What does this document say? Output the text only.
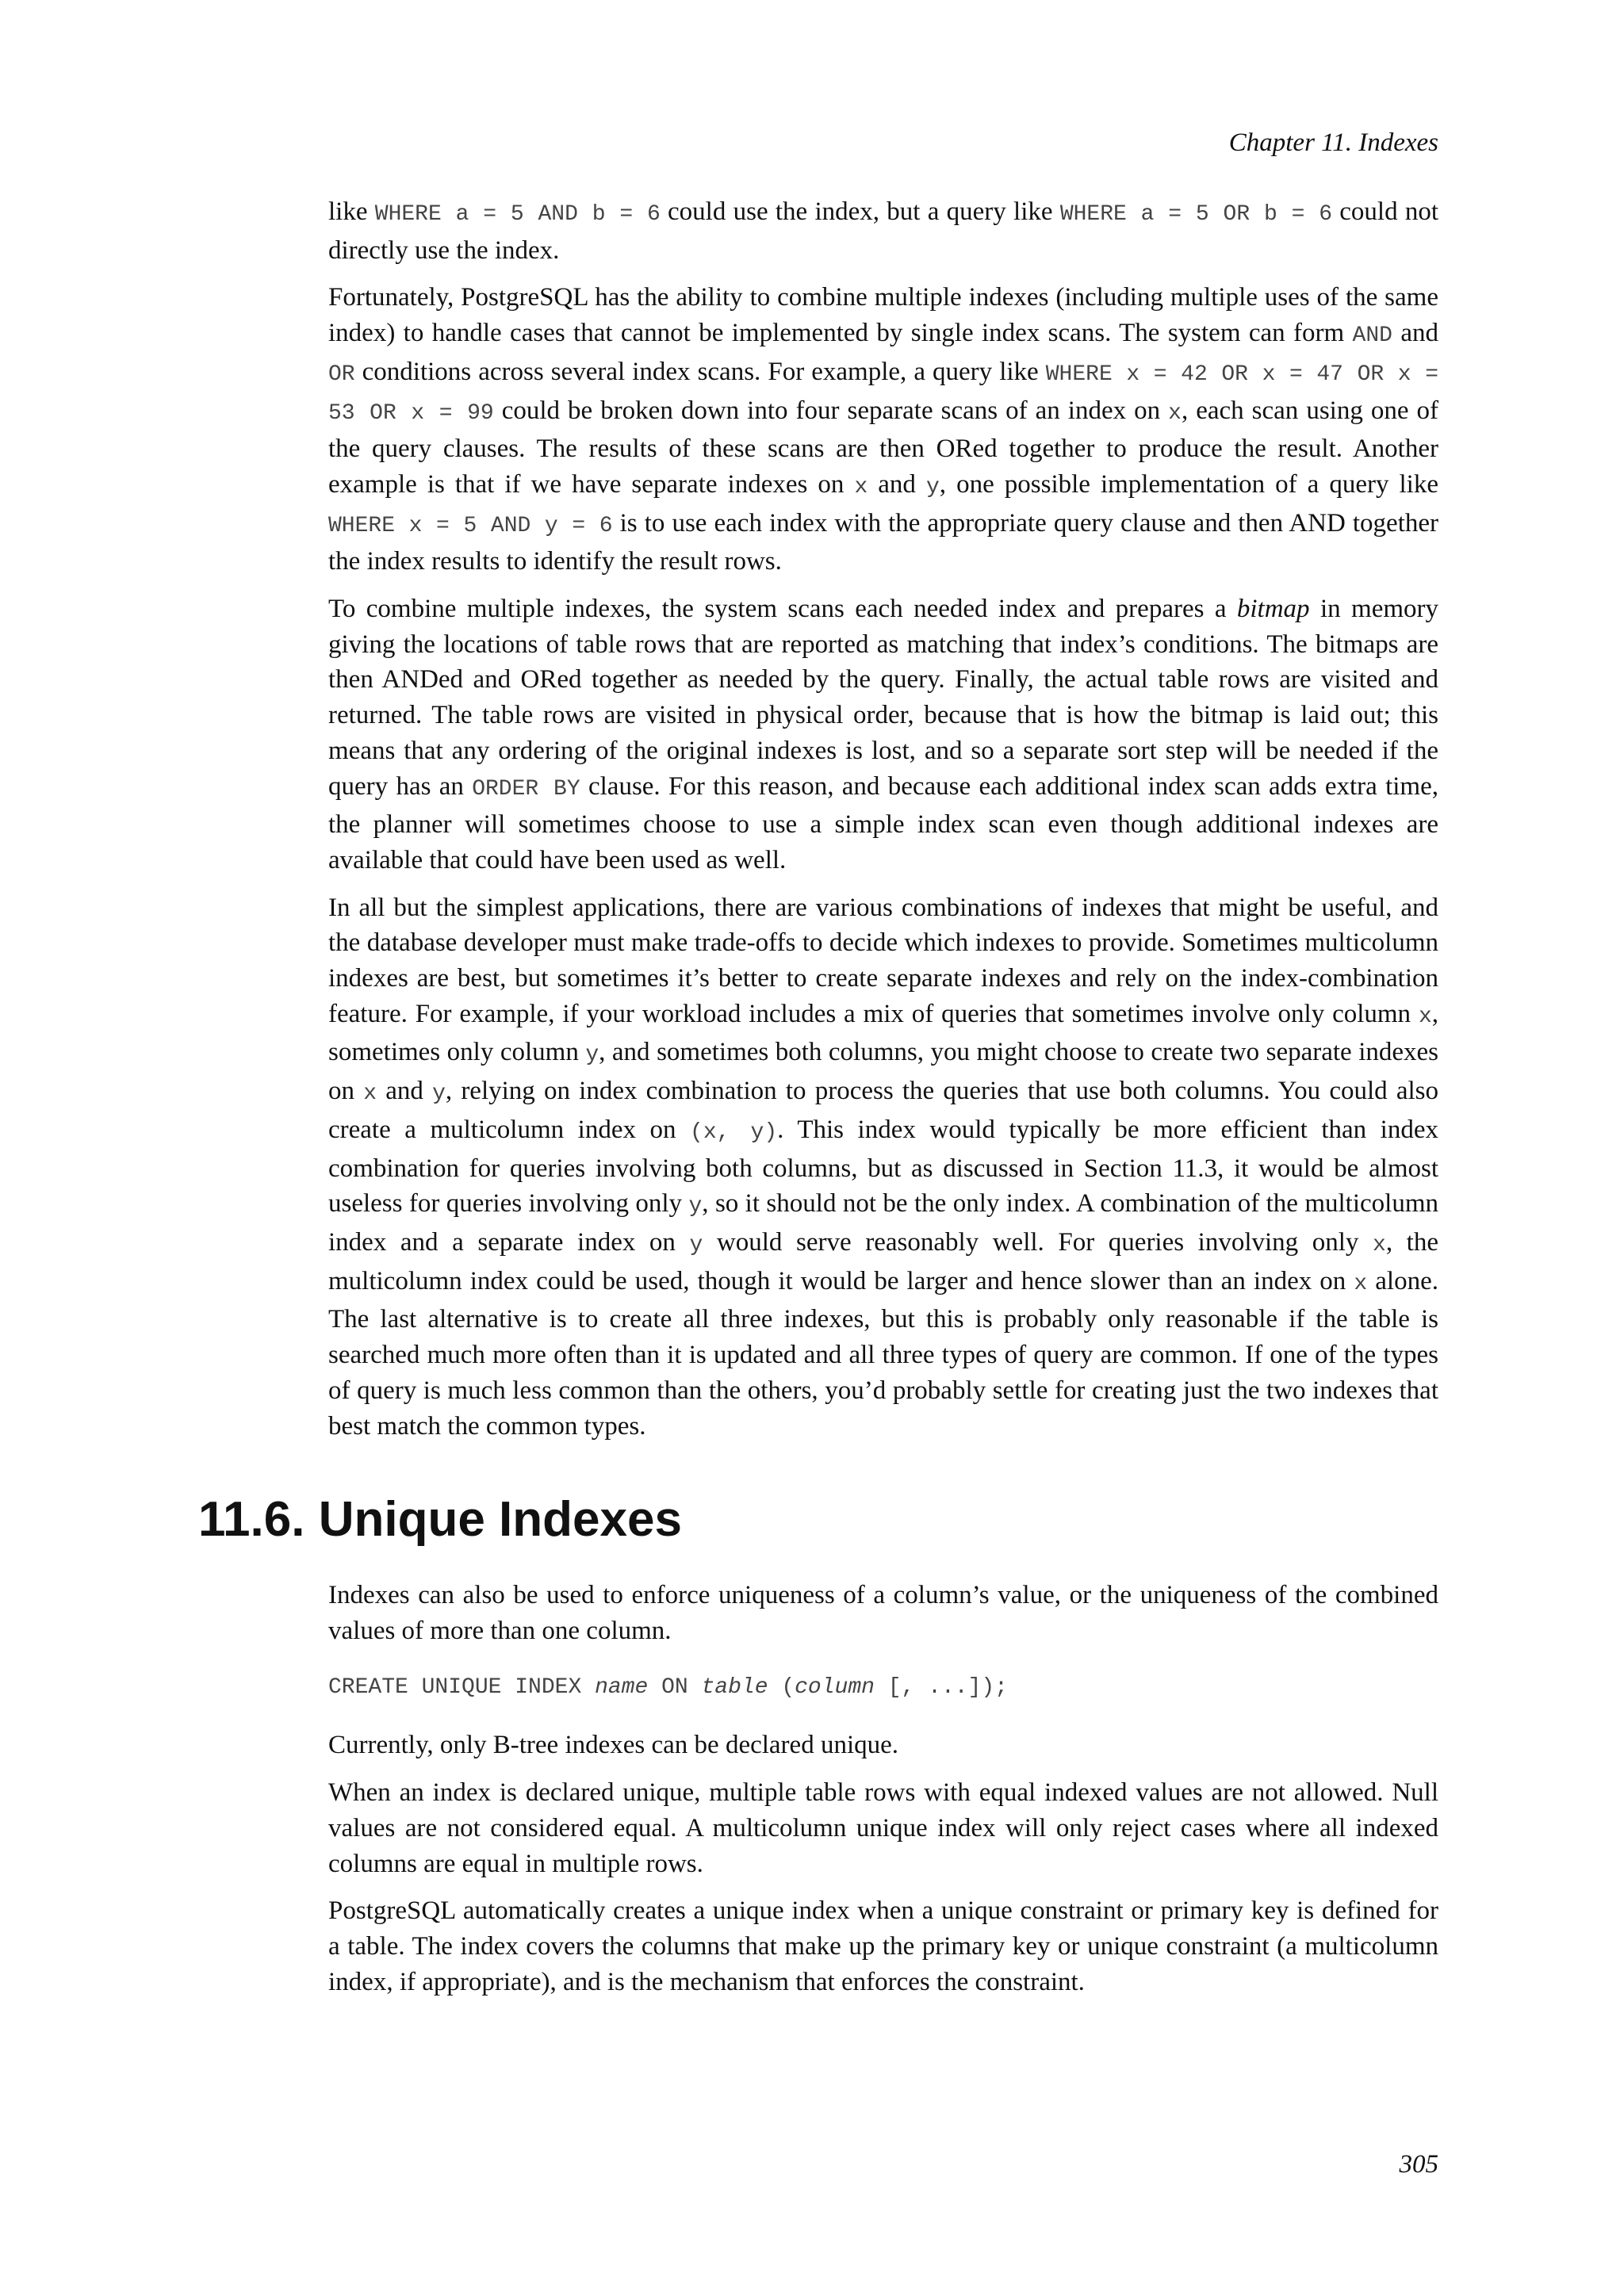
Chapter 11. Indexes

like WHERE a = 5 AND b = 6 could use the index, but a query like WHERE a = 5 OR b = 6 could not directly use the index.

Fortunately, PostgreSQL has the ability to combine multiple indexes (including multiple uses of the same index) to handle cases that cannot be implemented by single index scans. The system can form AND and OR conditions across several index scans. For example, a query like WHERE x = 42 OR x = 47 OR x = 53 OR x = 99 could be broken down into four separate scans of an index on x, each scan using one of the query clauses. The results of these scans are then ORed together to produce the result. Another example is that if we have separate indexes on x and y, one possible implementation of a query like WHERE x = 5 AND y = 6 is to use each index with the appropriate query clause and then AND together the index results to identify the result rows.

To combine multiple indexes, the system scans each needed index and prepares a bitmap in memory giving the locations of table rows that are reported as matching that index’s conditions. The bitmaps are then ANDed and ORed together as needed by the query. Finally, the actual table rows are visited and returned. The table rows are visited in physical order, because that is how the bitmap is laid out; this means that any ordering of the original indexes is lost, and so a separate sort step will be needed if the query has an ORDER BY clause. For this reason, and because each additional index scan adds extra time, the planner will sometimes choose to use a simple index scan even though additional indexes are available that could have been used as well.

In all but the simplest applications, there are various combinations of indexes that might be useful, and the database developer must make trade-offs to decide which indexes to provide. Sometimes multicolumn indexes are best, but sometimes it’s better to create separate indexes and rely on the index-combination feature. For example, if your workload includes a mix of queries that sometimes involve only column x, sometimes only column y, and sometimes both columns, you might choose to create two separate indexes on x and y, relying on index combination to process the queries that use both columns. You could also create a multicolumn index on (x, y). This index would typically be more efficient than index combination for queries involving both columns, but as discussed in Section 11.3, it would be almost useless for queries involving only y, so it should not be the only index. A combination of the multicolumn index and a separate index on y would serve reasonably well. For queries involving only x, the multicolumn index could be used, though it would be larger and hence slower than an index on x alone. The last alternative is to create all three indexes, but this is probably only reasonable if the table is searched much more often than it is updated and all three types of query are common. If one of the types of query is much less common than the others, you’d probably settle for creating just the two indexes that best match the common types.

11.6. Unique Indexes

Indexes can also be used to enforce uniqueness of a column’s value, or the uniqueness of the combined values of more than one column.

CREATE UNIQUE INDEX name ON table (column [, ...]);

Currently, only B-tree indexes can be declared unique.

When an index is declared unique, multiple table rows with equal indexed values are not allowed. Null values are not considered equal. A multicolumn unique index will only reject cases where all indexed columns are equal in multiple rows.

PostgreSQL automatically creates a unique index when a unique constraint or primary key is defined for a table. The index covers the columns that make up the primary key or unique constraint (a multicolumn index, if appropriate), and is the mechanism that enforces the constraint.

305
